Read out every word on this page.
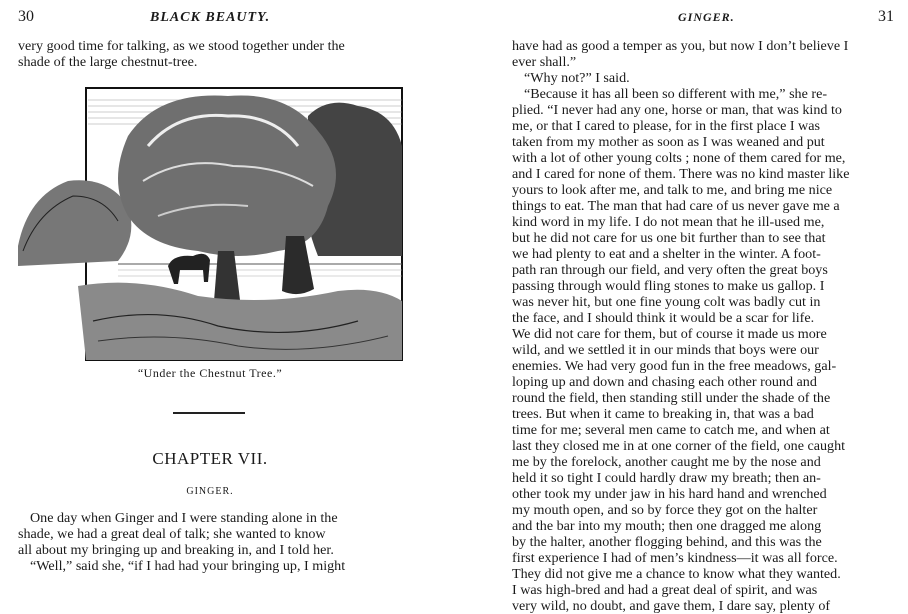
30	BLACK BEAUTY.

very good time for talking, as we stood together under the

shade of the large chestnut-tree.

“Under the Chestnut Tree.”
CHAPTER VII.
GINGER.

One day when Ginger and I were standing alone in the

shade, we had a great deal of talk; she wanted to know

all about my bringing up and breaking in, and I told her.

“Well,” said she, “if I had had your bringing up, I might

GINGER.	31

have had as good a temper as you, but now I don’t believe I

ever shall.”

“Why not?” I said.

“Because it has all been so different with me,” she re-

plied. “I never had any one, horse or man, that was kind to

me, or that I cared to please, for in the first place I was

taken from my mother as soon as I was weaned and put

with a lot of other young colts ; none of them cared for me,

and I cared for none of them. There was no kind master like

yours to look after me, and talk to me, and bring me nice

things to eat. The man that had care of us never gave me a

kind word in my life. I do not mean that he ill-used me,

but he did not care for us one bit further than to see that

we had plenty to eat and a shelter in the winter. A foot-

path ran through our field, and very often the great boys

passing through would fling stones to make us gallop. I

was never hit, but one fine young colt was badly cut in

the face, and I should think it would be a scar for life.

We did not care for them, but of course it made us more

wild, and we settled it in our minds that boys were our

enemies. We had very good fun in the free meadows, gal-

loping up and down and chasing each other round and

round the field, then standing still under the shade of the

trees. But when it came to breaking in, that was a bad

time for me; several men came to catch me, and when at

last they closed me in at one corner of the field, one caught

me by the forelock, another caught me by the nose and

held it so tight I could hardly draw my breath; then an-

other took my under jaw in his hard hand and wrenched

my mouth open, and so by force they got on the halter

and the bar into my mouth; then one dragged me along

by the halter, another flogging behind, and this was the

first experience I had of men’s kindness—it was all force.

They did not give me a chance to know what they wanted.

I was high-bred and had a great deal of spirit, and was

very wild, no doubt, and gave them, I dare say, plenty of
